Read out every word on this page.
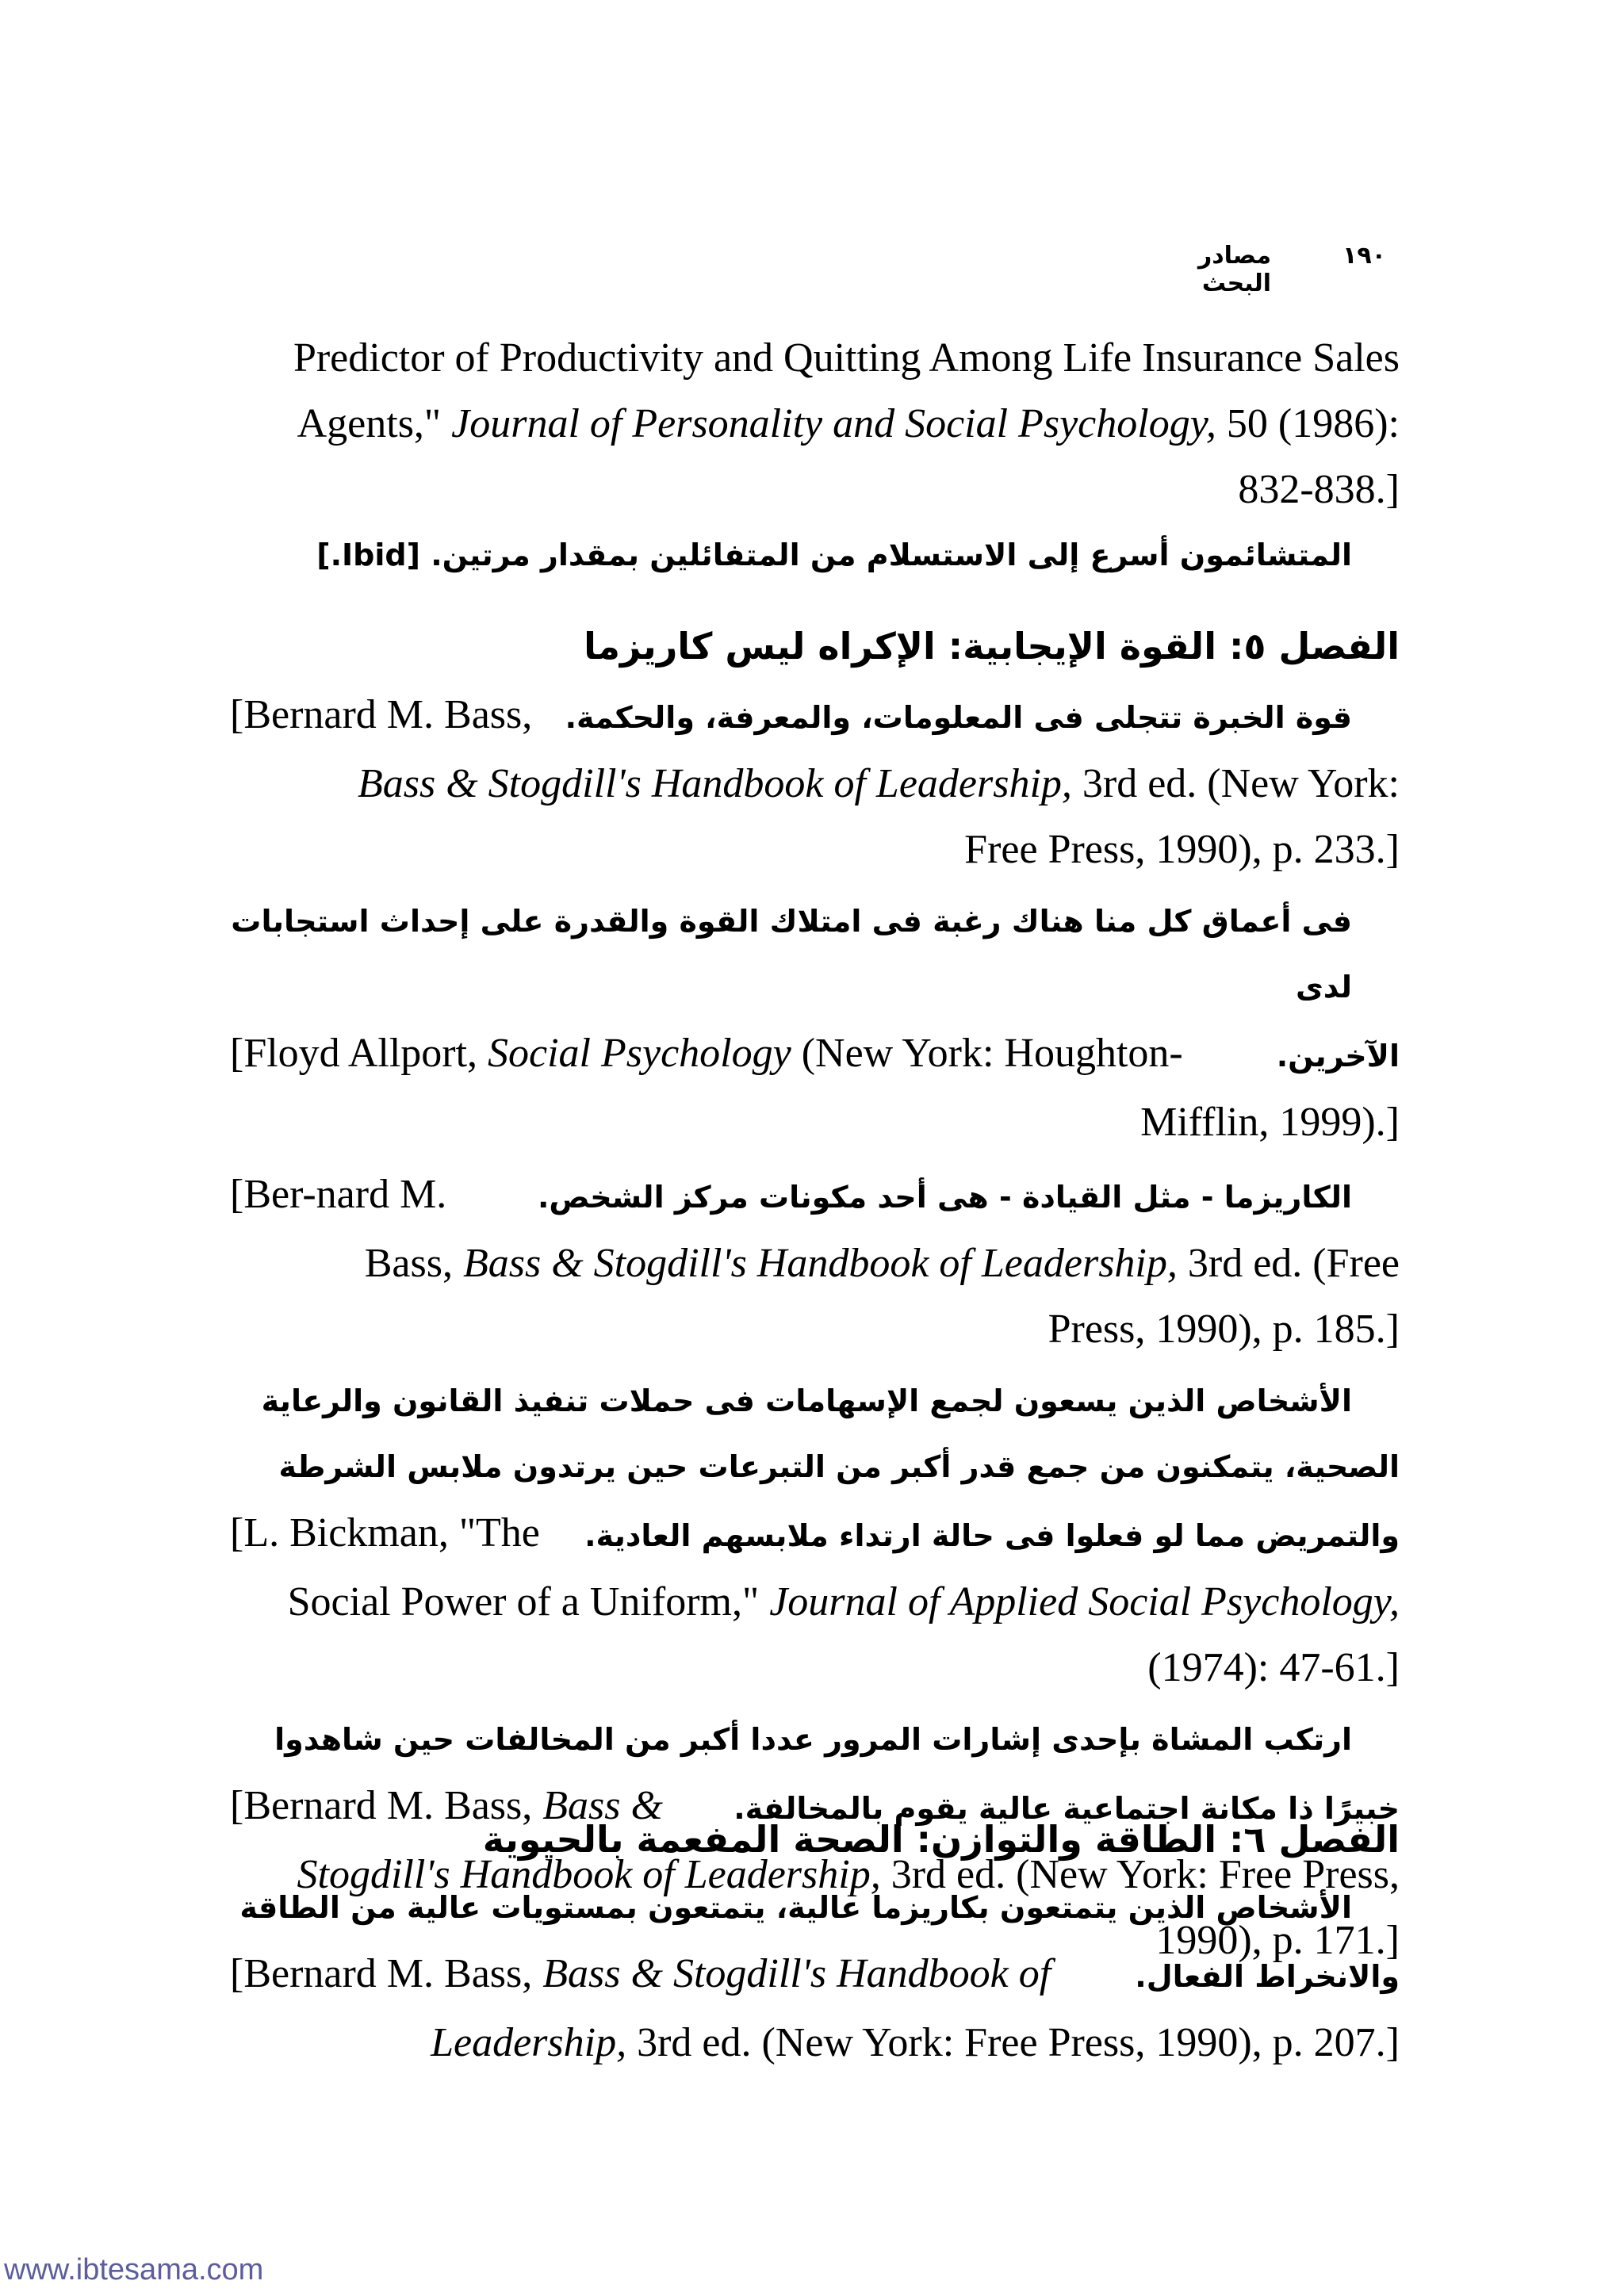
١٩٠
مصادر البحث

Predictor of Productivity and Quitting Among Life Insurance Sales

Agents," Journal of Personality and Social Psychology, 50 (1986):

832-838.]

المتشائمون أسرع إلى الاستسلام من المتفائلين بمقدار مرتين. [Ibid.]

الفصل ٥: القوة الإيجابية: الإكراه ليس كاريزما

[Bernard M. Bass, قوة الخبرة تتجلى فى المعلومات، والمعرفة، والحكمة.

Bass & Stogdill's Handbook of Leadership, 3rd ed. (New York:

Free Press, 1990), p. 233.]

فى أعماق كل منا هناك رغبة فى امتلاك القوة والقدرة على إحداث استجابات لدى

[Floyd Allport, Social Psychology (New York: Houghton-	الآخرين.

Mifflin, 1999).]

[Ber-nard M.	الكاريزما - مثل القيادة - هى أحد مكونات مركز الشخص.

Bass, Bass & Stogdill's Handbook of Leadership, 3rd ed. (Free

Press, 1990), p. 185.]

الأشخاص الذين يسعون لجمع الإسهامات فى حملات تنفيذ القانون والرعاية

الصحية، يتمكنون من جمع قدر أكبر من التبرعات حين يرتدون ملابس الشرطة

[L. Bickman, "The والتمريض مما لو فعلوا فى حالة ارتداء ملابسهم العادية.

Social Power of a Uniform," Journal of Applied Social Psychology,

(1974): 47-61.]

ارتكب المشاة بإحدى إشارات المرور عددا أكبر من المخالفات حين شاهدوا

[Bernard M. Bass, Bass & خبيرًا ذا مكانة اجتماعية عالية يقوم بالمخالفة.

Stogdill's Handbook of Leadership, 3rd ed. (New York: Free Press,

1990), p. 171.]

الفصل ٦: الطاقة والتوازن: الصحة المفعمة بالحيوية

الأشخاص الذين يتمتعون بكاريزما عالية، يتمتعون بمستويات عالية من الطاقة

[Bernard M. Bass, Bass & Stogdill's Handbook of	والانخراط الفعال.

Leadership, 3rd ed. (New York: Free Press, 1990), p. 207.]

www.ibtesama.com
